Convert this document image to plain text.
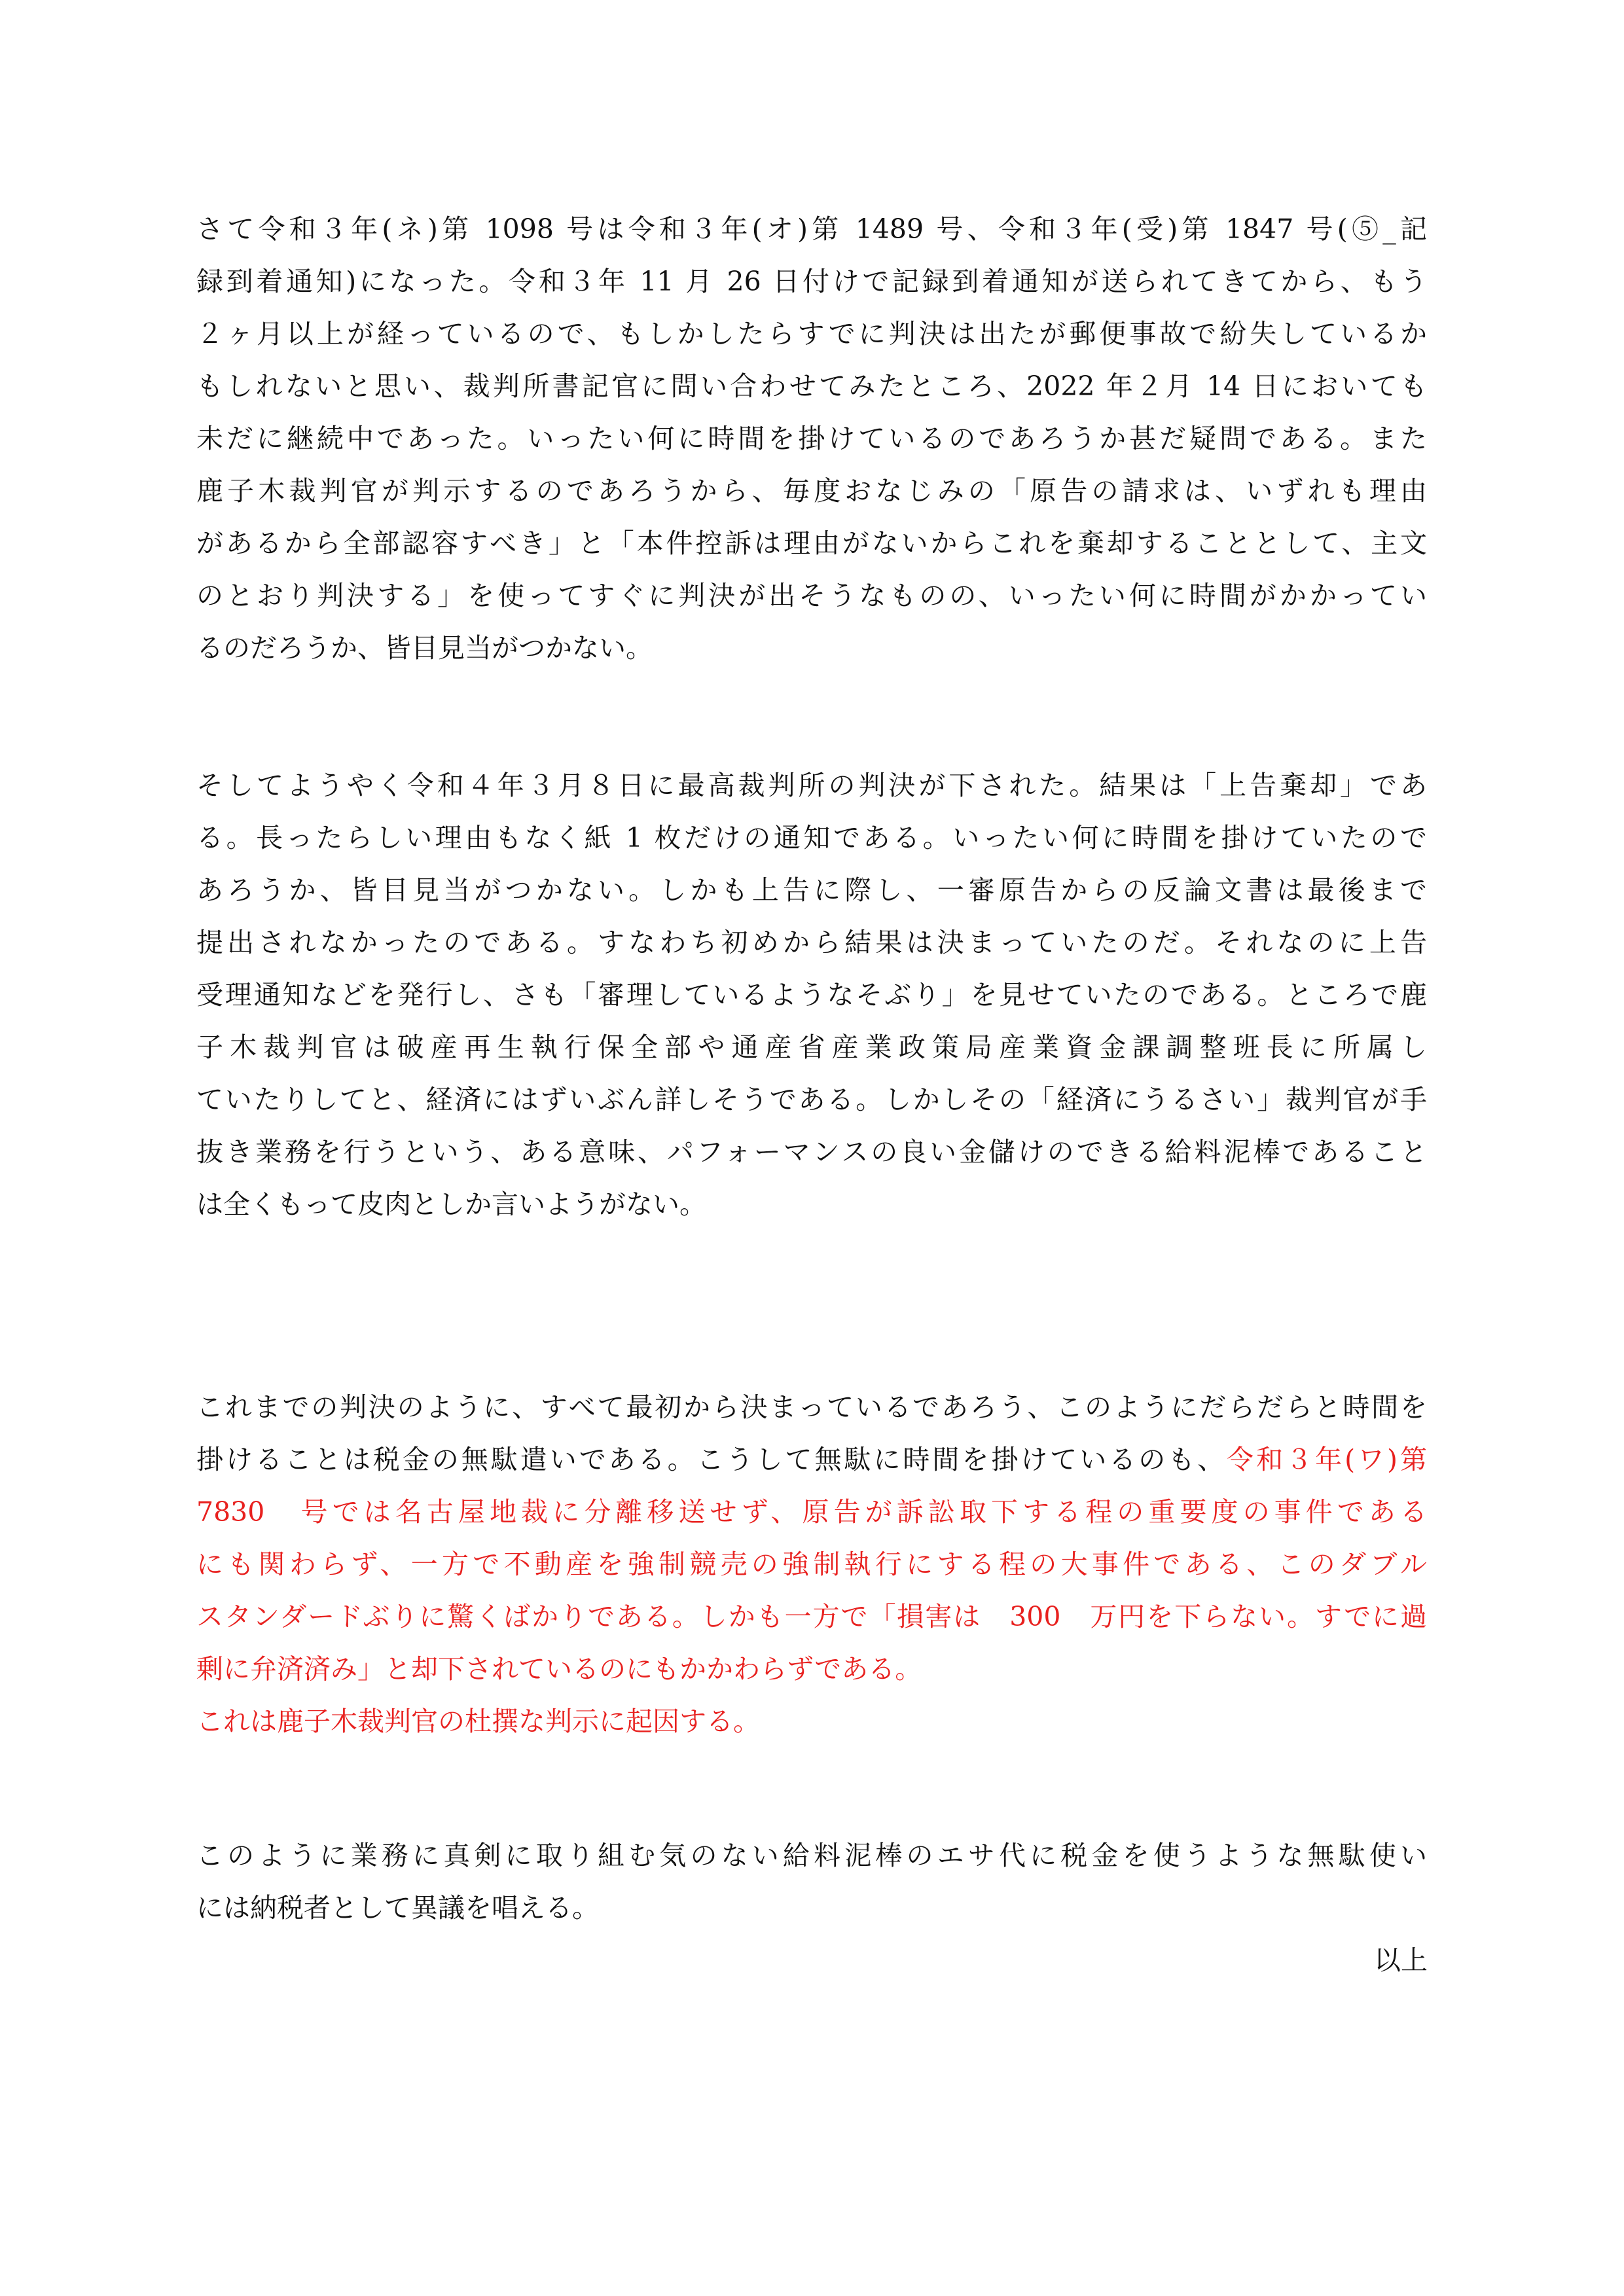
さて令和３年(ネ)第 1098 号は令和３年(オ)第 1489 号、令和３年(受)第 1847 号(⑤_記
録到着通知)になった。令和３年 11 月 26 日付けで記録到着通知が送られてきてから、もう
２ヶ月以上が経っているので、もしかしたらすでに判決は出たが郵便事故で紛失しているか
もしれないと思い、裁判所書記官に問い合わせてみたところ、2022 年２月 14 日においても
未だに継続中であった。いったい何に時間を掛けているのであろうか甚だ疑問である。また
鹿子木裁判官が判示するのであろうから、毎度おなじみの「原告の請求は、いずれも理由
があるから全部認容すべき」と「本件控訴は理由がないからこれを棄却することとして、主文
のとおり判決する」を使ってすぐに判決が出そうなものの、いったい何に時間がかかってい
るのだろうか、皆目見当がつかない。
そしてようやく令和４年３月８日に最高裁判所の判決が下された。結果は「上告棄却」であ
る。長ったらしい理由もなく紙 1 枚だけの通知である。いったい何に時間を掛けていたので
あろうか、皆目見当がつかない。しかも上告に際し、一審原告からの反論文書は最後まで
提出されなかったのである。すなわち初めから結果は決まっていたのだ。それなのに上告
受理通知などを発行し、さも「審理しているようなそぶり」を見せていたのである。ところで鹿
子木裁判官は破産再生執行保全部や通産省産業政策局産業資金課調整班長に所属し
ていたりしてと、経済にはずいぶん詳しそうである。しかしその「経済にうるさい」裁判官が手
抜き業務を行うという、ある意味、パフォーマンスの良い金儲けのできる給料泥棒であること
は全くもって皮肉としか言いようがない。
これまでの判決のように、すべて最初から決まっているであろう、このようにだらだらと時間を
掛けることは税金の無駄遣いである。こうして無駄に時間を掛けているのも、令和３年(ワ)第
7830　号では名古屋地裁に分離移送せず、原告が訴訟取下する程の重要度の事件である
にも関わらず、一方で不動産を強制競売の強制執行にする程の大事件である、このダブル
スタンダードぶりに驚くばかりである。しかも一方で「損害は　300　万円を下らない。すでに過
剰に弁済済み」と却下されているのにもかかわらずである。
これは鹿子木裁判官の杜撰な判示に起因する。
このように業務に真剣に取り組む気のない給料泥棒のエサ代に税金を使うような無駄使い
には納税者として異議を唱える。
以上
